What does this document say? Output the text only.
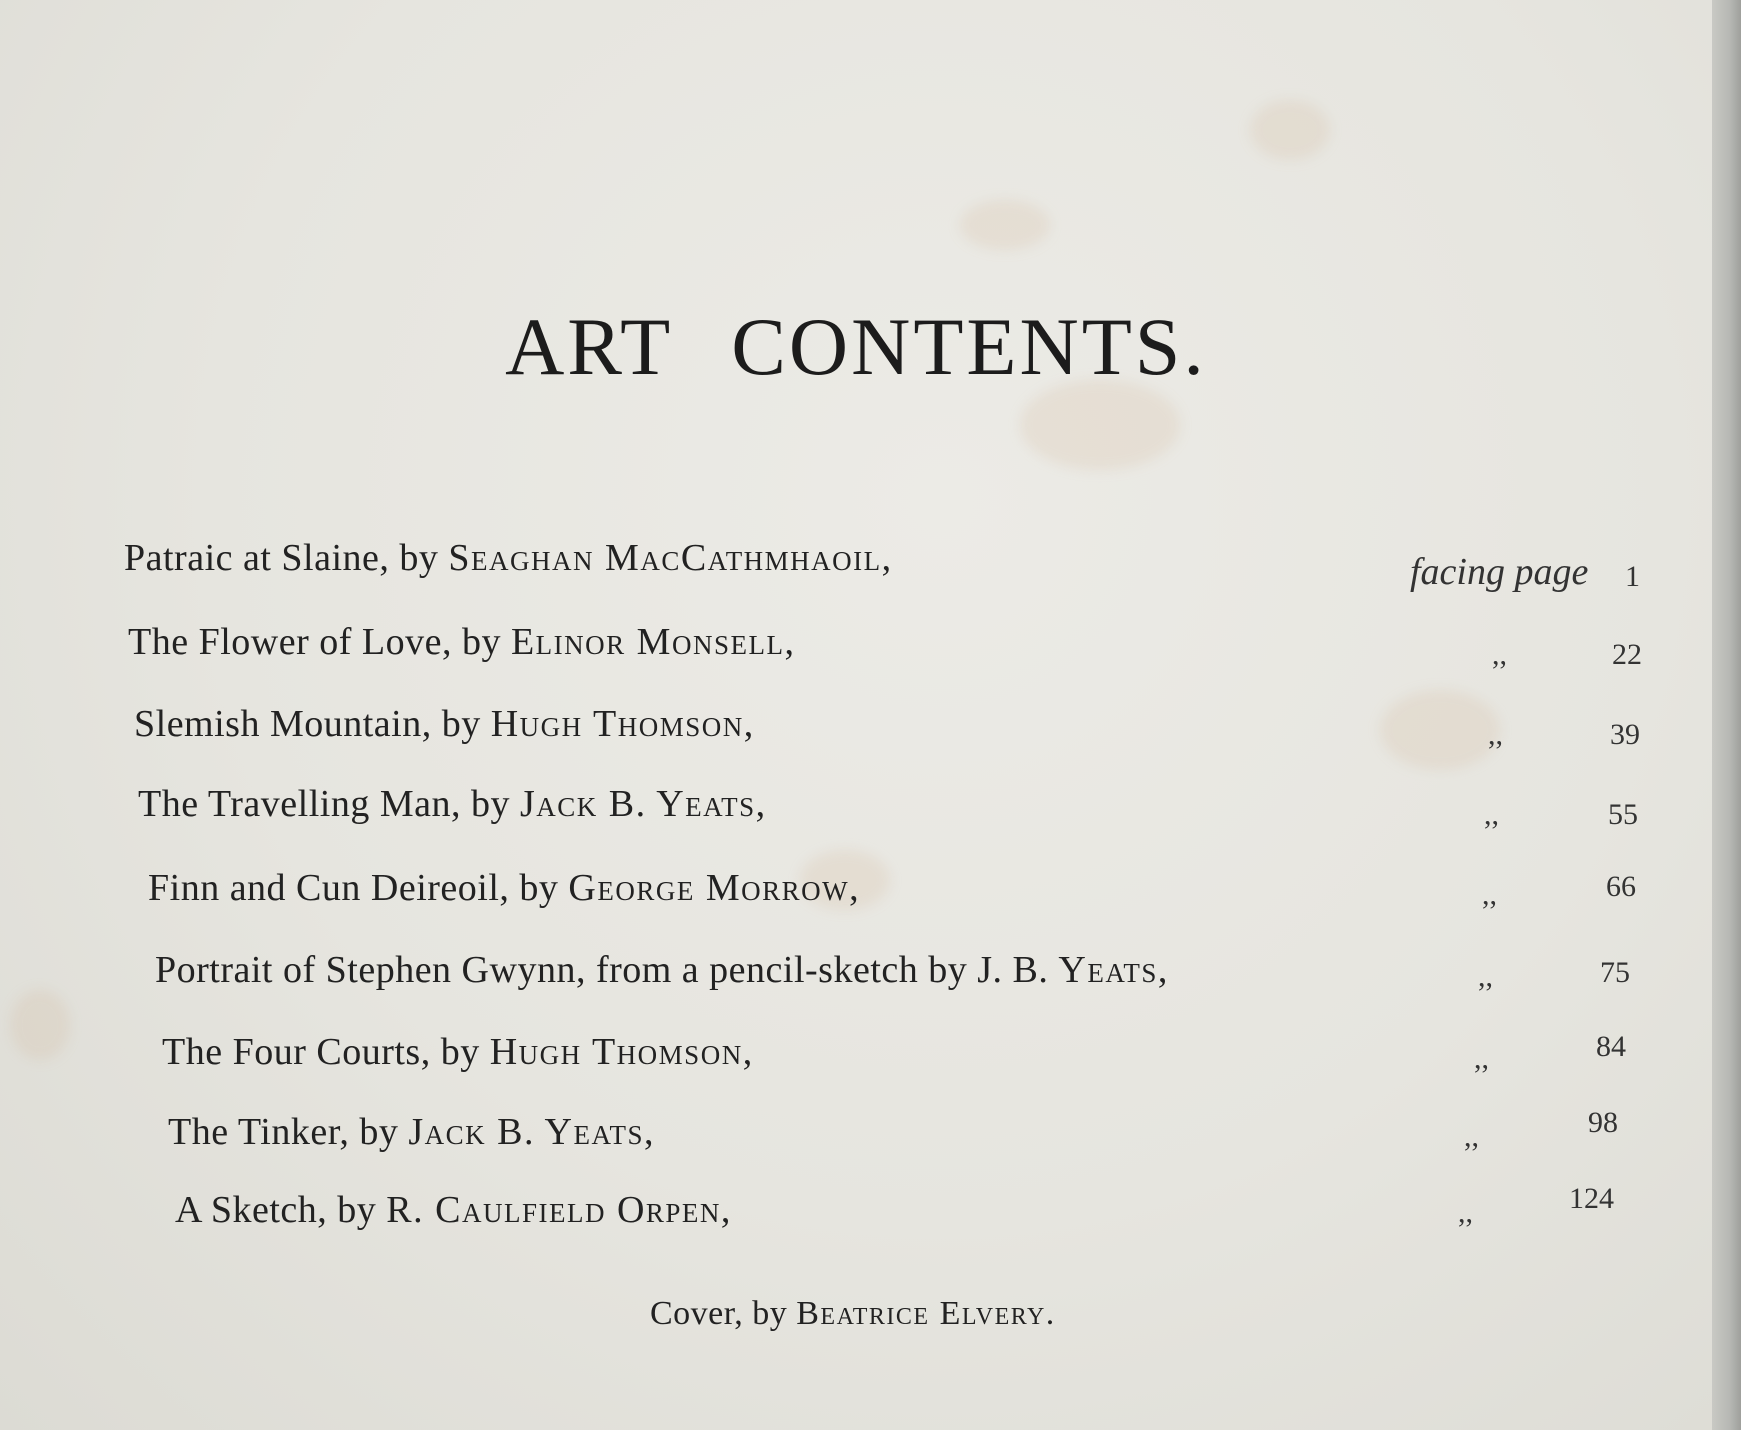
ART CONTENTS.
Patraic at Slaine, by Seaghan MacCathmhaoil,	facing page	1
The Flower of Love, by Elinor Monsell,	,,	22
Slemish Mountain, by Hugh Thomson,	,,	39
The Travelling Man, by Jack B. Yeats,	,,	55
Finn and Cun Deireoil, by George Morrow,	,,	66
Portrait of Stephen Gwynn, from a pencil-sketch by J. B. Yeats,	,,	75
The Four Courts, by Hugh Thomson,	,,	84
The Tinker, by Jack B. Yeats,	,,	98
A Sketch, by R. Caulfield Orpen,	,,	124
Cover, by Beatrice Elvery.
